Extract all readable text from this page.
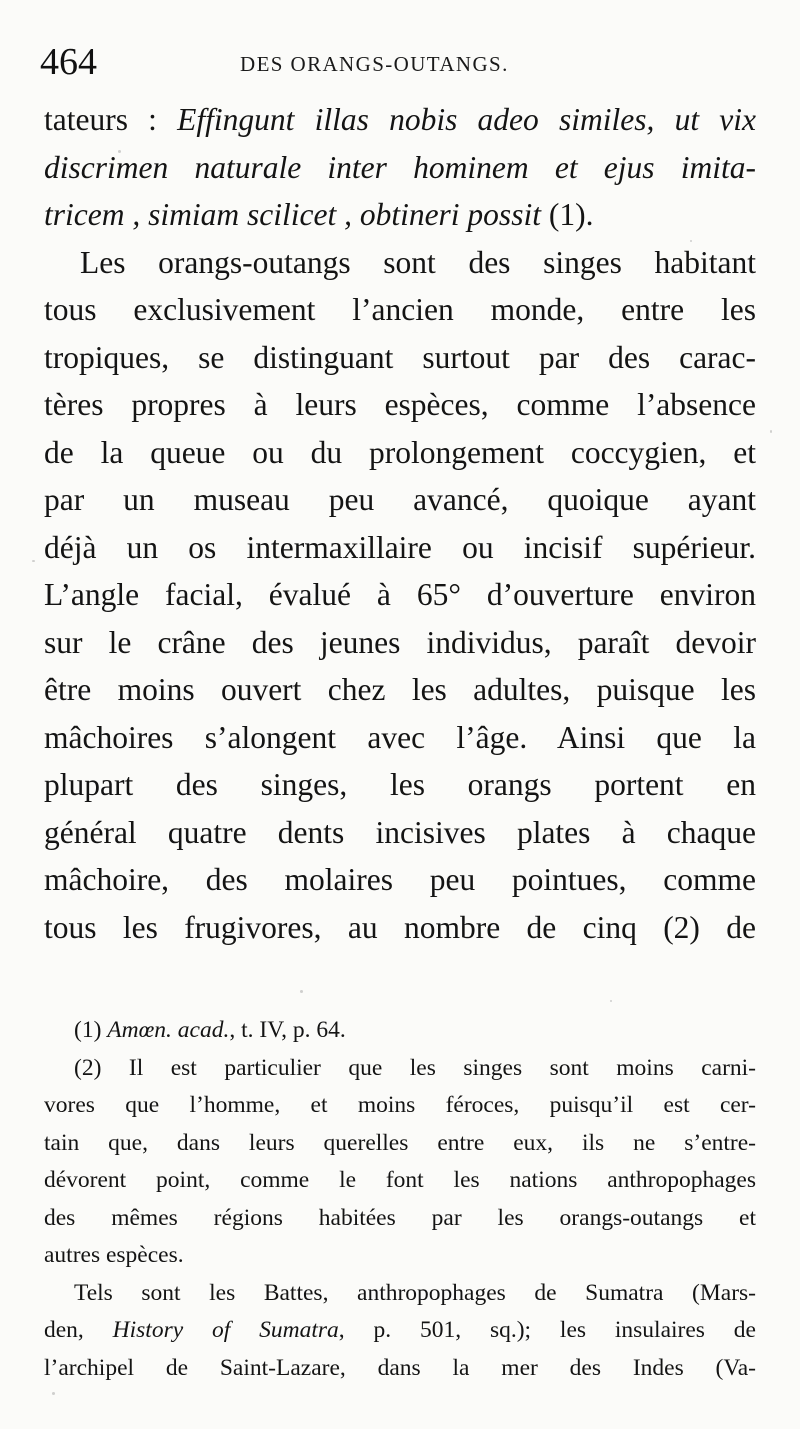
464	DES ORANGS-OUTANGS.
tateurs : Effingunt illas nobis adeo similes, ut vix
discrimen naturale inter hominem et ejus imita-
tricem , simiam scilicet , obtineri possit (1).
Les orangs-outangs sont des singes habitant
tous exclusivement l’ancien monde, entre les
tropiques, se distinguant surtout par des carac-
tères propres à leurs espèces, comme l’absence
de la queue ou du prolongement coccygien, et
par un museau peu avancé, quoique ayant
déjà un os intermaxillaire ou incisif supérieur.
L’angle facial, évalué à 65° d’ouverture environ
sur le crâne des jeunes individus, paraît devoir
être moins ouvert chez les adultes, puisque les
mâchoires s’alongent avec l’âge. Ainsi que la
plupart des singes, les orangs portent en
général quatre dents incisives plates à chaque
mâchoire, des molaires peu pointues, comme
tous les frugivores, au nombre de cinq (2) de
(1) Amœn. acad., t. IV, p. 64.
(2) Il est particulier que les singes sont moins carni-
vores que l’homme, et moins féroces, puisqu’il est cer-
tain que, dans leurs querelles entre eux, ils ne s’entre-
dévorent point, comme le font les nations anthropophages
des mêmes régions habitées par les orangs-outangs et
autres espèces.
Tels sont les Battes, anthropophages de Sumatra (Mars-
den, History of Sumatra, p. 501, sq.); les insulaires de
l’archipel de Saint-Lazare, dans la mer des Indes (Va-
